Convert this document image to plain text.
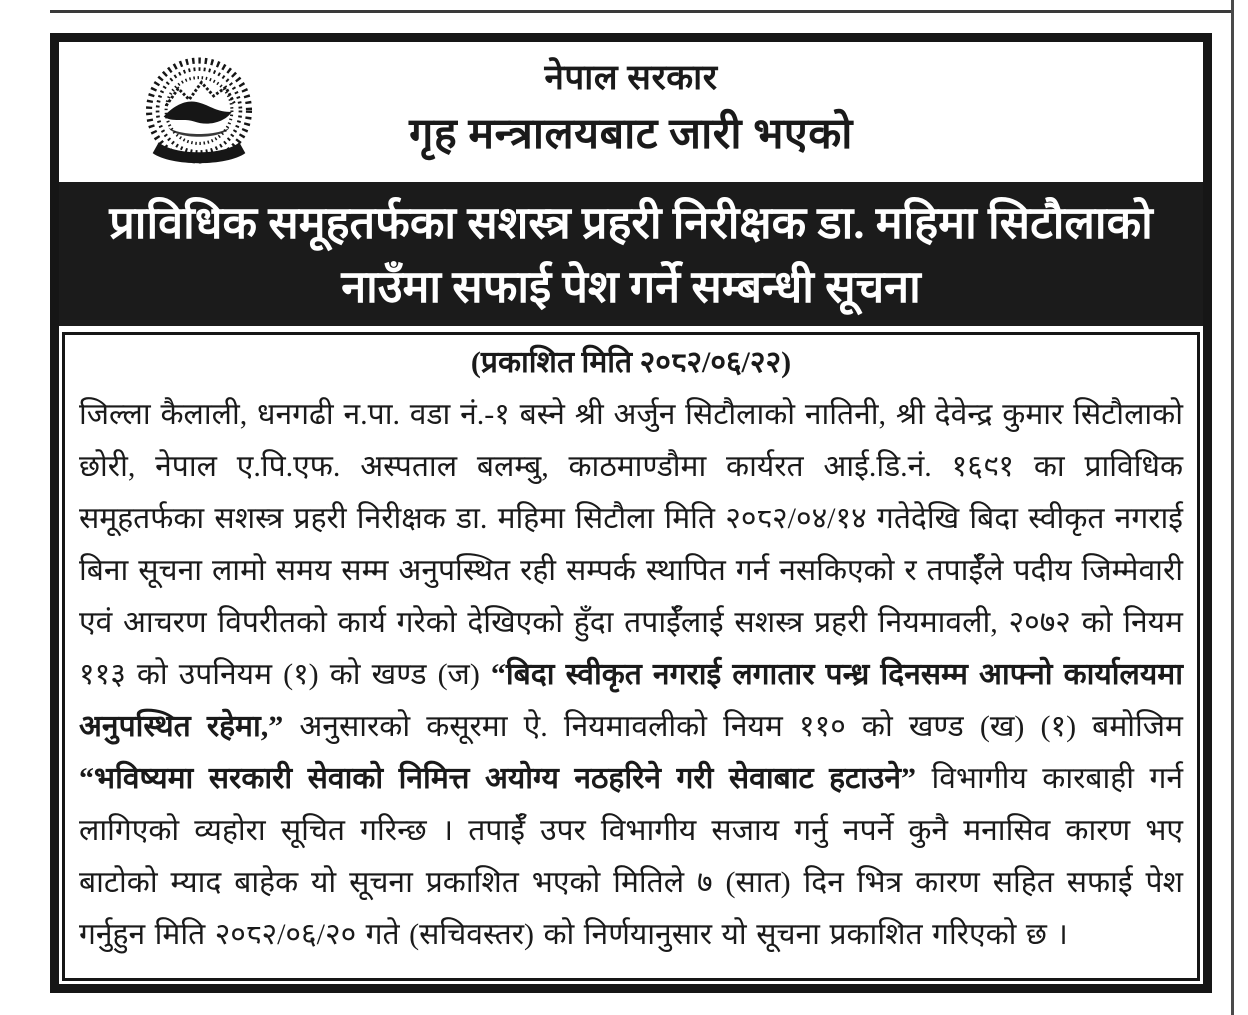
नेपाल सरकार
गृह मन्त्रालयबाट जारी भएको
प्राविधिक समूहतर्फका सशस्त्र प्रहरी निरीक्षक डा. महिमा सिटौलाको
नाउँमा सफाई पेश गर्ने सम्बन्धी सूचना
(प्रकाशित मिति २०८२/०६/२२)

जिल्ला कैलाली, धनगढी न.पा. वडा नं.-१ बस्ने श्री अर्जुन सिटौलाको नातिनी, श्री देवेन्द्र कुमार सिटौलाको छोरी, नेपाल ए.पि.एफ. अस्पताल बलम्बु, काठमाण्डौमा कार्यरत आई.डि.नं. १६९१ का प्राविधिक समूहतर्फका सशस्त्र प्रहरी निरीक्षक डा. महिमा सिटौला मिति २०८२/०४/१४ गतेदेखि बिदा स्वीकृत नगराई बिना सूचना लामो समय सम्म अनुपस्थित रही सम्पर्क स्थापित गर्न नसकिएको र तपाईँले पदीय जिम्मेवारी एवं आचरण विपरीतको कार्य गरेको देखिएको हुँदा तपाईँलाई सशस्त्र प्रहरी नियमावली, २०७२ को नियम ११३ को उपनियम (१) को खण्ड (ज) “बिदा स्वीकृत नगराई लगातार पन्ध्र दिनसम्म आफ्नो कार्यालयमा अनुपस्थित रहेमा,” अनुसारको कसूरमा ऐ. नियमावलीको नियम ११० को खण्ड (ख) (१) बमोजिम “भविष्यमा सरकारी सेवाको निमित्त अयोग्य नठहरिने गरी सेवाबाट हटाउने” विभागीय कारबाही गर्न लागिएको व्यहोरा सूचित गरिन्छ । तपाईँ उपर विभागीय सजाय गर्नु नपर्ने कुनै मनासिव कारण भए बाटोको म्याद बाहेक यो सूचना प्रकाशित भएको मितिले ७ (सात) दिन भित्र कारण सहित सफाई पेश गर्नुहुन मिति २०८२/०६/२० गते (सचिवस्तर) को निर्णयानुसार यो सूचना प्रकाशित गरिएको छ ।
